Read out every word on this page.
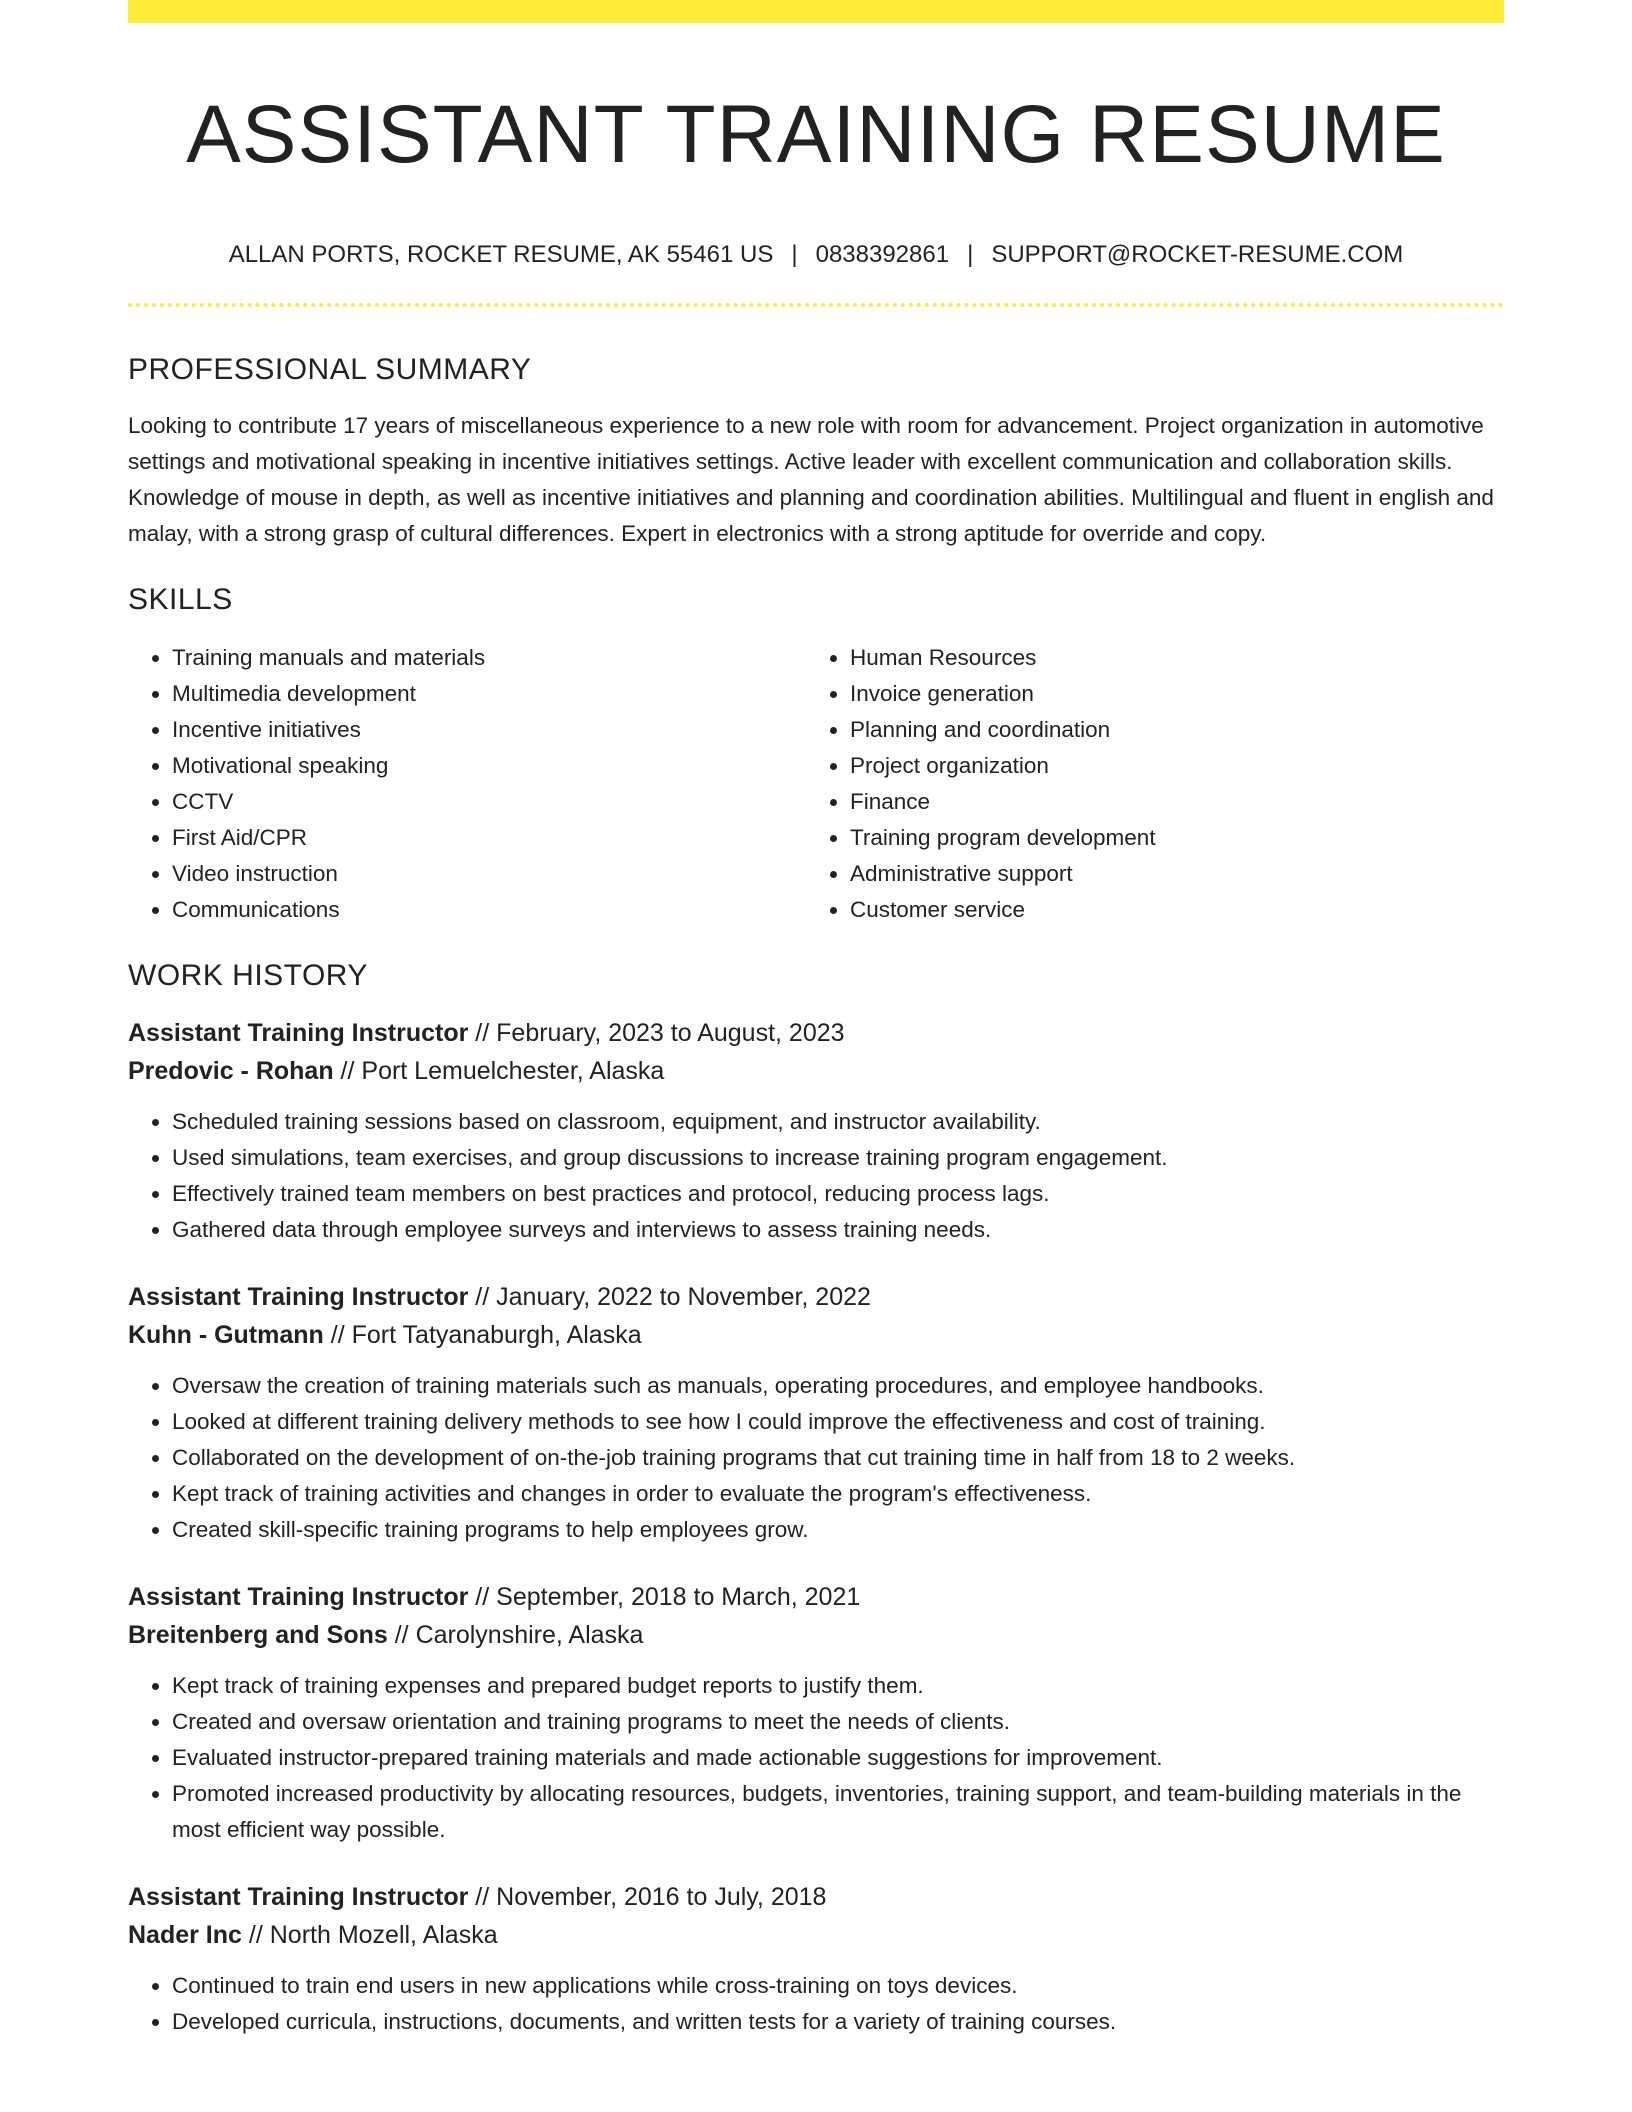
ASSISTANT TRAINING RESUME
ALLAN PORTS, ROCKET RESUME, AK 55461 US | 0838392861 | SUPPORT@ROCKET-RESUME.COM
PROFESSIONAL SUMMARY

Looking to contribute 17 years of miscellaneous experience to a new role with room for advancement. Project organization in automotive settings and motivational speaking in incentive initiatives settings. Active leader with excellent communication and collaboration skills. Knowledge of mouse in depth, as well as incentive initiatives and planning and coordination abilities. Multilingual and fluent in english and malay, with a strong grasp of cultural differences. Expert in electronics with a strong aptitude for override and copy.

SKILLS
• Training manuals and materials
• Multimedia development
• Incentive initiatives
• Motivational speaking
• CCTV
• First Aid/CPR
• Video instruction
• Communications
• Human Resources
• Invoice generation
• Planning and coordination
• Project organization
• Finance
• Training program development
• Administrative support
• Customer service
WORK HISTORY
Assistant Training Instructor // February, 2023 to August, 2023
Predovic - Rohan // Port Lemuelchester, Alaska
• Scheduled training sessions based on classroom, equipment, and instructor availability.
• Used simulations, team exercises, and group discussions to increase training program engagement.
• Effectively trained team members on best practices and protocol, reducing process lags.
• Gathered data through employee surveys and interviews to assess training needs.
Assistant Training Instructor // January, 2022 to November, 2022
Kuhn - Gutmann // Fort Tatyanaburgh, Alaska
• Oversaw the creation of training materials such as manuals, operating procedures, and employee handbooks.
• Looked at different training delivery methods to see how I could improve the effectiveness and cost of training.
• Collaborated on the development of on-the-job training programs that cut training time in half from 18 to 2 weeks.
• Kept track of training activities and changes in order to evaluate the program's effectiveness.
• Created skill-specific training programs to help employees grow.
Assistant Training Instructor // September, 2018 to March, 2021
Breitenberg and Sons // Carolynshire, Alaska
• Kept track of training expenses and prepared budget reports to justify them.
• Created and oversaw orientation and training programs to meet the needs of clients.
• Evaluated instructor-prepared training materials and made actionable suggestions for improvement.
• Promoted increased productivity by allocating resources, budgets, inventories, training support, and team-building materials in the most efficient way possible.
Assistant Training Instructor // November, 2016 to July, 2018
Nader Inc // North Mozell, Alaska
• Continued to train end users in new applications while cross-training on toys devices.
• Developed curricula, instructions, documents, and written tests for a variety of training courses.
